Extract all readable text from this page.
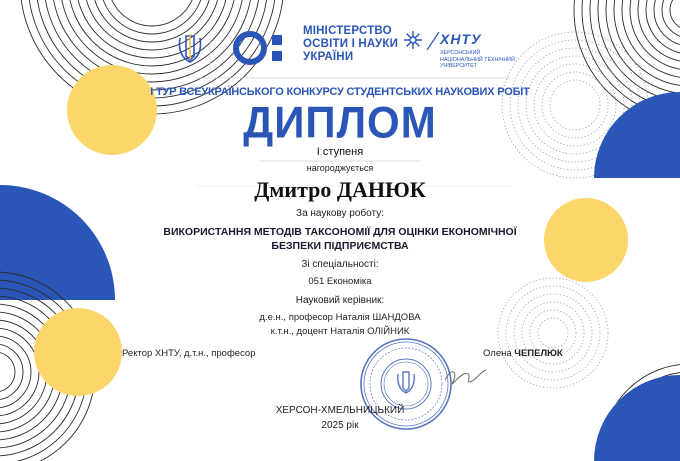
МІНІСТЕРСТВО
ОСВІТИ І НАУКИ
УКРАЇНИ
ХНТУ
ХЕРСОНСЬКИЙ
НАЦІОНАЛЬНИЙ ТЕХНІЧНИЙ
УНІВЕРСИТЕТ
І ТУР ВСЕУКРАЇНСЬКОГО КОНКУРСУ СТУДЕНТСЬКИХ НАУКОВИХ РОБІТ
ДИПЛОМ
І ступеня
нагороджується
Дмитро ДАНЮК
За наукову роботу:
ВИКОРИСТАННЯ МЕТОДІВ ТАКСОНОМІЇ ДЛЯ ОЦІНКИ ЕКОНОМІЧНОЇ
БЕЗПЕКИ ПІДПРИЄМСТВА
Зі спеціальності:
051 Економіка
Науковий керівник:
д.е.н., професор Наталія ШАНДОВА
к.т.н., доцент Наталія ОЛІЙНИК
Ректор ХНТУ, д.т.н., професор	Олена ЧЕПЕЛЮК
ХЕРСОН-ХМЕЛЬНИЦЬКИЙ
2025 рік
